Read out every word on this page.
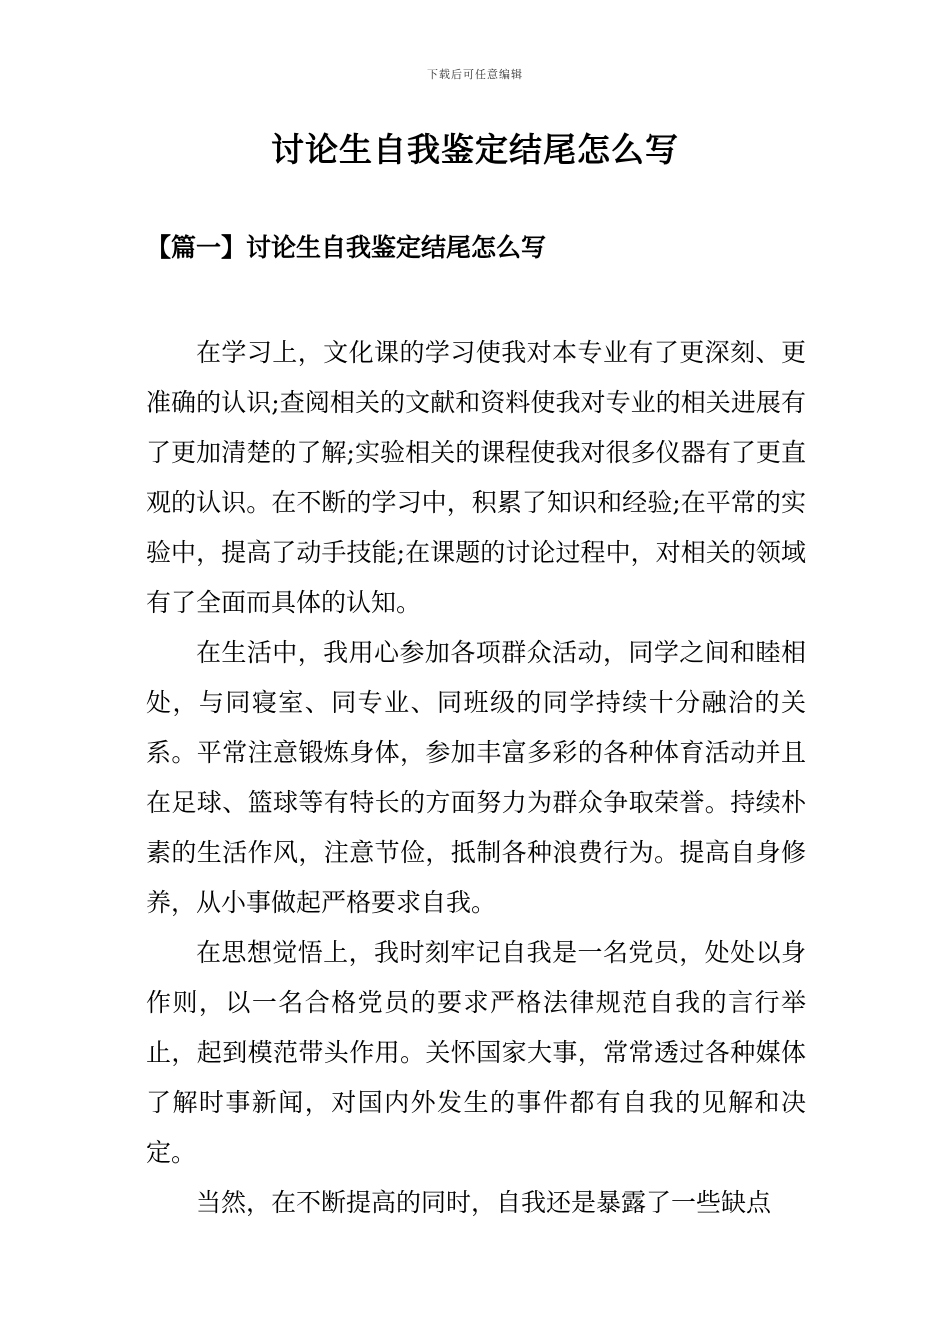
下载后可任意编辑
讨论生自我鉴定结尾怎么写
【篇一】讨论生自我鉴定结尾怎么写

在学习上，文化课的学习使我对本专业有了更深刻、更准确的认识;查阅相关的文献和资料使我对专业的相关进展有了更加清楚的了解;实验相关的课程使我对很多仪器有了更直观的认识。在不断的学习中，积累了知识和经验;在平常的实验中，提高了动手技能;在课题的讨论过程中，对相关的领域有了全面而具体的认知。

在生活中，我用心参加各项群众活动，同学之间和睦相处，与同寝室、同专业、同班级的同学持续十分融洽的关系。平常注意锻炼身体，参加丰富多彩的各种体育活动并且在足球、篮球等有特长的方面努力为群众争取荣誉。持续朴素的生活作风，注意节俭，抵制各种浪费行为。提高自身修养，从小事做起严格要求自我。

在思想觉悟上，我时刻牢记自我是一名党员，处处以身作则，以一名合格党员的要求严格法律规范自我的言行举止，起到模范带头作用。关怀国家大事，常常透过各种媒体了解时事新闻，对国内外发生的事件都有自我的见解和决定。

当然，在不断提高的同时，自我还是暴露了一些缺点
